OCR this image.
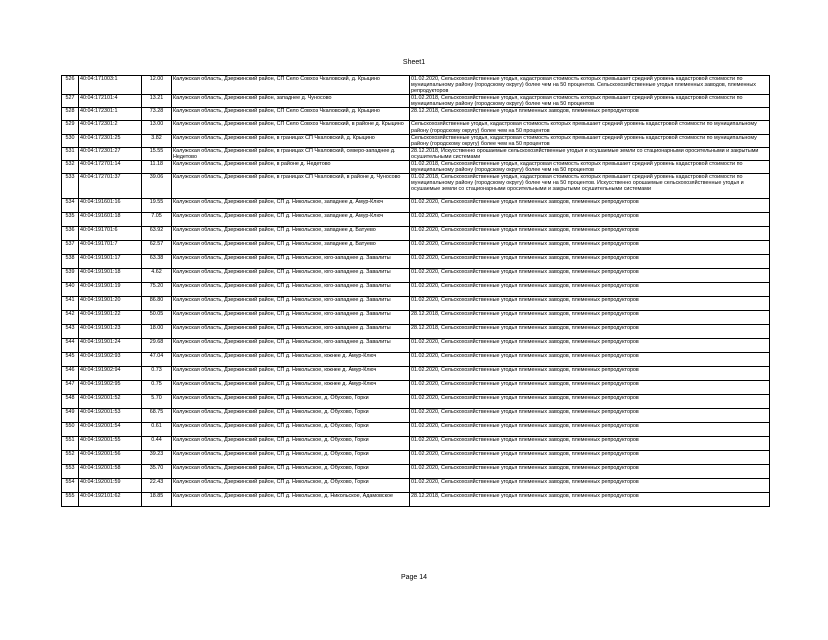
Sheet1
526	40:04:171003:1	12.00	Калужская область, Дзержинский район, СП Село Совхоз Чкаловский, д. Крыцино	01.02.2020, Сельскохозяйственные угодья, кадастровая стоимость которых превышает средний уровень кадастровой стоимости по муниципальному району (городскому округу) более чем на 50 процентов. Сельскохозяйственные угодья племенных заводов, племенных репродукторов
527	40:04:172101:4	13.21	Калужская область, Дзержинский район, западнее д. Чуносово	01.02.2018, Сельскохозяйственные угодья, кадастровая стоимость которых превышает средний уровень кадастровой стоимости по муниципальному району (городскому округу) более чем на 50 процентов
528	40:04:172301:1	73.28	Калужская область, Дзержинский район, СП Село Совхоз Чкаловский, д. Крыцино	28.12.2018, Сельскохозяйственные угодья племенных заводов, племенных репродукторов
529	40:04:172301:2	13.00	Калужская область, Дзержинский район, СП Село Совхоз Чкаловский, в районе д. Крыцино	Сельскохозяйственные угодья, кадастровая стоимость которых превышает средний уровень кадастровой стоимости по муниципальному району (городскому округу) более чем на 50 процентов
530	40:04:172301:25	3.82	Калужская область, Дзержинский район, в границах СП Чкаловский, д. Крыцино	Сельскохозяйственные угодья, кадастровая стоимость которых превышает средний уровень кадастровой стоимости по муниципальному району (городскому округу) более чем на 50 процентов
531	40:04:172301:27	15.55	Калужская область, Дзержинский район, в границах СП Чкаловский, северо-западнее д. Недетово	28.12.2018, Искусственно орошаемые сельскохозяйственные угодья и осушаемые земли со стационарными оросительными и закрытыми осушительными системами
532	40:04:172701:14	11.18	Калужская область, Дзержинский район, в районе д. Недетово	01.02.2018, Сельскохозяйственные угодья, кадастровая стоимость которых превышает средний уровень кадастровой стоимости по муниципальному району (городскому округу) более чем на 50 процентов
533	40:04:172701:37	39.06	Калужская область, Дзержинский район, в границах СП Чкаловский, в районе д. Чуносово	01.02.2018, Сельскохозяйственные угодья, кадастровая стоимость которых превышает средний уровень кадастровой стоимости по муниципальному району (городскому округу) более чем на 50 процентов. Искусственно орошаемые сельскохозяйственные угодья и осушаемые земли со стационарными оросительными и закрытыми осушительными системами
534	40:04:191601:16	19.55	Калужская область, Дзержинский район, СП д. Никольское, западнее д. Амур-Ключ	01.02.2020, Сельскохозяйственные угодья племенных заводов, племенных репродукторов
535	40:04:191601:18	7.05	Калужская область, Дзержинский район, СП д. Никольское, западнее д. Амур-Ключ	01.02.2020, Сельскохозяйственные угодья племенных заводов, племенных репродукторов
536	40:04:191701:6	63.92	Калужская область, Дзержинский район, СП д. Никольское, западнее д. Батуево	01.02.2020, Сельскохозяйственные угодья племенных заводов, племенных репродукторов
537	40:04:191701:7	62.57	Калужская область, Дзержинский район, СП д. Никольское, западнее д. Батуево	01.02.2020, Сельскохозяйственные угодья племенных заводов, племенных репродукторов
538	40:04:191901:17	63.38	Калужская область, Дзержинский район, СП д. Никольское, юго-западнее д. Завалиты	01.02.2020, Сельскохозяйственные угодья племенных заводов, племенных репродукторов
539	40:04:191901:18	4.62	Калужская область, Дзержинский район, СП д. Никольское, юго-западнее д. Завалиты	01.02.2020, Сельскохозяйственные угодья племенных заводов, племенных репродукторов
540	40:04:191901:19	75.20	Калужская область, Дзержинский район, СП д. Никольское, юго-западнее д. Завалиты	01.02.2020, Сельскохозяйственные угодья племенных заводов, племенных репродукторов
541	40:04:191901:20	86.80	Калужская область, Дзержинский район, СП д. Никольское, юго-западнее д. Завалиты	01.02.2020, Сельскохозяйственные угодья племенных заводов, племенных репродукторов
542	40:04:191901:22	50.05	Калужская область, Дзержинский район, СП д. Никольское, юго-западнее д. Завалиты	28.12.2018, Сельскохозяйственные угодья племенных заводов, племенных репродукторов
543	40:04:191901:23	18.00	Калужская область, Дзержинский район, СП д. Никольское, юго-западнее д. Завалиты	28.12.2018, Сельскохозяйственные угодья племенных заводов, племенных репродукторов
544	40:04:191901:24	29.68	Калужская область, Дзержинский район, СП д. Никольское, юго-западнее д. Завалиты	01.02.2020, Сельскохозяйственные угодья племенных заводов, племенных репродукторов
545	40:04:191902:93	47.04	Калужская область, Дзержинский район, СП д. Никольское, южнее д. Амур-Ключ	01.02.2020, Сельскохозяйственные угодья племенных заводов, племенных репродукторов
546	40:04:191902:94	0.73	Калужская область, Дзержинский район, СП д. Никольское, южнее д. Амур-Ключ	01.02.2020, Сельскохозяйственные угодья племенных заводов, племенных репродукторов
547	40:04:191902:95	0.75	Калужская область, Дзержинский район, СП д. Никольское, южнее д. Амур-Ключ	01.02.2020, Сельскохозяйственные угодья племенных заводов, племенных репродукторов
548	40:04:192001:52	5.70	Калужская область, Дзержинский район, СП д. Никольское, д. Обухово, Горки	01.02.2020, Сельскохозяйственные угодья племенных заводов, племенных репродукторов
549	40:04:192001:53	68.75	Калужская область, Дзержинский район, СП д. Никольское, д. Обухово, Горки	01.02.2020, Сельскохозяйственные угодья племенных заводов, племенных репродукторов
550	40:04:192001:54	0.61	Калужская область, Дзержинский район, СП д. Никольское, д. Обухово, Горки	01.02.2020, Сельскохозяйственные угодья племенных заводов, племенных репродукторов
551	40:04:192001:55	0.44	Калужская область, Дзержинский район, СП д. Никольское, д. Обухово, Горки	01.02.2020, Сельскохозяйственные угодья племенных заводов, племенных репродукторов
552	40:04:192001:56	39.23	Калужская область, Дзержинский район, СП д. Никольское, д. Обухово, Горки	01.02.2020, Сельскохозяйственные угодья племенных заводов, племенных репродукторов
553	40:04:192001:58	35.70	Калужская область, Дзержинский район, СП д. Никольское, д. Обухово, Горки	01.02.2020, Сельскохозяйственные угодья племенных заводов, племенных репродукторов
554	40:04:192001:59	22.43	Калужская область, Дзержинский район, СП д. Никольское, д. Обухово, Горки	01.02.2020, Сельскохозяйственные угодья племенных заводов, племенных репродукторов
555	40:04:192101:62	18.85	Калужская область, Дзержинский район, СП д. Никольское, д. Никольское, Адамовское	28.12.2018, Сельскохозяйственные угодья племенных заводов, племенных репродукторов
Page 14
